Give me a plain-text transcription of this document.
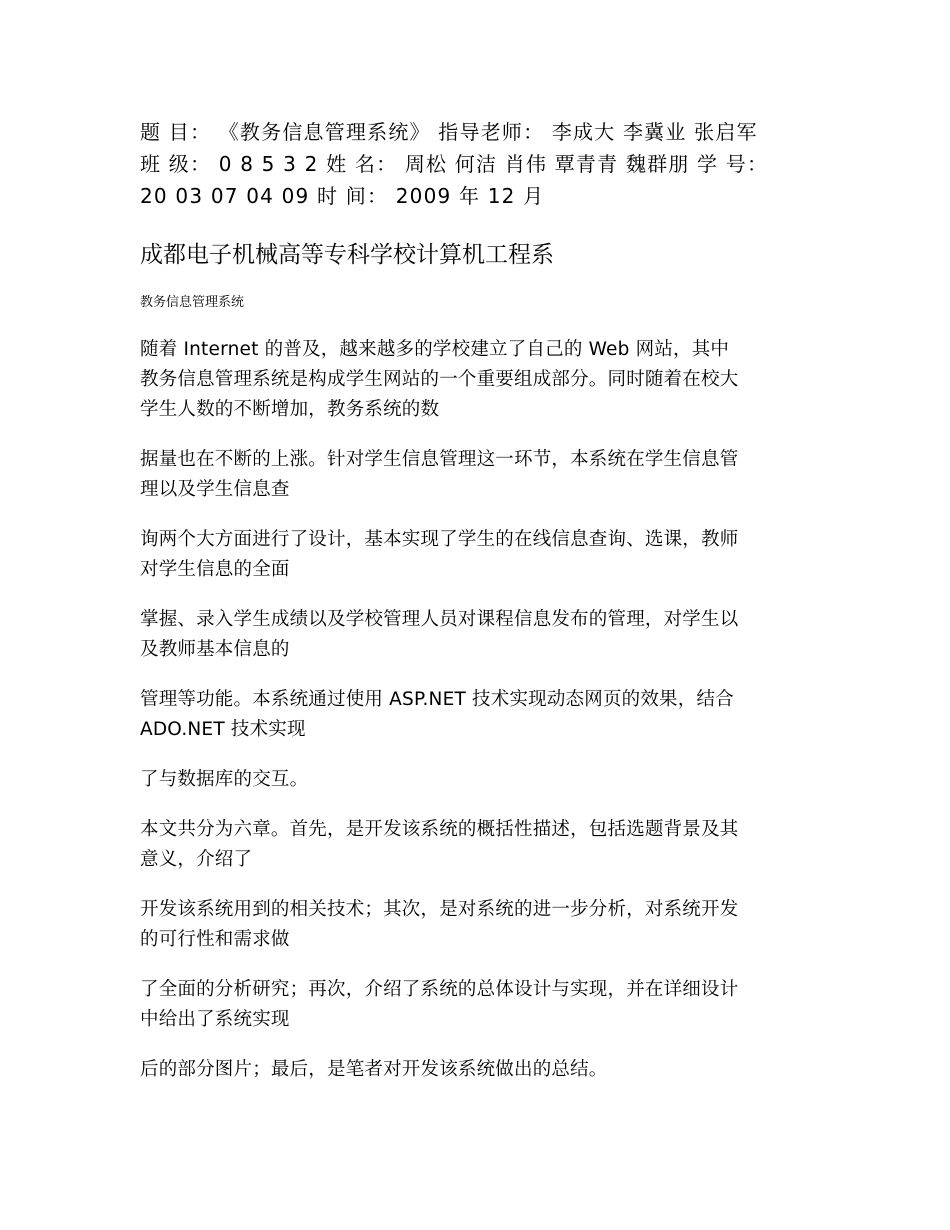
题 目： 《教务信息管理系统》 指导老师： 李成大 李冀业 张启军
班 级： 0 8 5 3 2 姓 名： 周松 何洁 肖伟 覃青青 魏群朋 学 号：
20 03 07 04 09 时 间： 2009 年 12 月
成都电子机械高等专科学校计算机工程系
教务信息管理系统

随着 Internet 的普及，越来越多的学校建立了自己的 Web 网站，其中
教务信息管理系统是构成学生网站的一个重要组成部分。同时随着在校大
学生人数的不断增加，教务系统的数

据量也在不断的上涨。针对学生信息管理这一环节，本系统在学生信息管
理以及学生信息查

询两个大方面进行了设计，基本实现了学生的在线信息查询、选课，教师
对学生信息的全面

掌握、录入学生成绩以及学校管理人员对课程信息发布的管理，对学生以
及教师基本信息的

管理等功能。本系统通过使用 ASP.NET 技术实现动态网页的效果，结合
ADO.NET 技术实现

了与数据库的交互。

本文共分为六章。首先，是开发该系统的概括性描述，包括选题背景及其
意义，介绍了

开发该系统用到的相关技术；其次，是对系统的进一步分析，对系统开发
的可行性和需求做

了全面的分析研究；再次，介绍了系统的总体设计与实现，并在详细设计
中给出了系统实现

后的部分图片；最后，是笔者对开发该系统做出的总结。
